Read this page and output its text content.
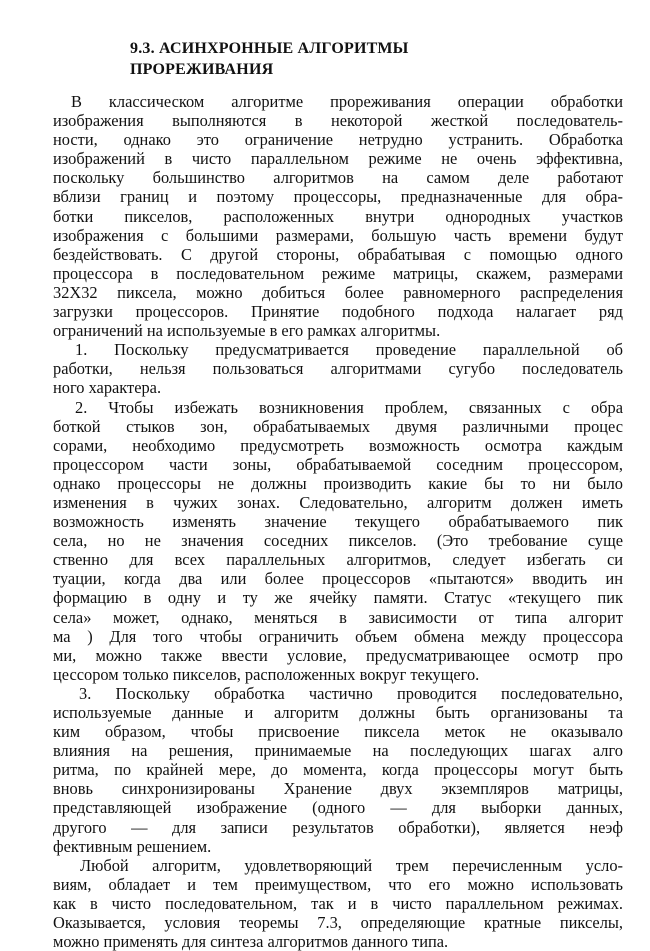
9.3. АСИНХРОННЫЕ АЛГОРИТМЫ
ПРОРЕЖИВАНИЯ
В классическом алгоритме прореживания операции обработки
изображения выполняются в некоторой жесткой последователь-
ности, однако это ограничение нетрудно устранить. Обработка
изображений в чисто параллельном режиме не очень эффективна,
поскольку большинство алгоритмов на самом деле работают
вблизи границ и поэтому процессоры, предназначенные для обра-
ботки пикселов, расположенных внутри однородных участков
изображения с большими размерами, большую часть времени будут
бездействовать. С другой стороны, обрабатывая с помощью одного
процессора в последовательном режиме матрицы, скажем, размерами
32X32 пиксела, можно добиться более равномерного распределения
загрузки процессоров. Принятие подобного подхода налагает ряд
ограничений на используемые в его рамках алгоритмы.
1. Поскольку предусматривается проведение параллельной об
работки, нельзя пользоваться алгоритмами сугубо последователь
ного характера.
2. Чтобы избежать возникновения проблем, связанных с обра
боткой стыков зон, обрабатываемых двумя различными процес
сорами, необходимо предусмотреть возможность осмотра каждым
процессором части зоны, обрабатываемой соседним процессором,
однако процессоры не должны производить какие бы то ни было
изменения в чужих зонах. Следовательно, алгоритм должен иметь
возможность изменять значение текущего обрабатываемого пик
села, но не значения соседних пикселов. (Это требование суще
ственно для всех параллельных алгоритмов, следует избегать си
туации, когда два или более процессоров «пытаются» вводить ин
формацию в одну и ту же ячейку памяти. Статус «текущего пик
села» может, однако, меняться в зависимости от типа алгорит
ма ) Для того чтобы ограничить объем обмена между процессора
ми, можно также ввести условие, предусматривающее осмотр про
цессором только пикселов, расположенных вокруг текущего.
3. Поскольку обработка частично проводится последовательно,
используемые данные и алгоритм должны быть организованы та
ким образом, чтобы присвоение пиксела меток не оказывало
влияния на решения, принимаемые на последующих шагах алго
ритма, по крайней мере, до момента, когда процессоры могут быть
вновь синхронизированы Хранение двух экземпляров матрицы,
представляющей изображение (одного — для выборки данных,
другого — для записи результатов обработки), является неэф
фективным решением.
Любой алгоритм, удовлетворяющий трем перечисленным усло-
виям, обладает и тем преимуществом, что его можно использовать
как в чисто последовательном, так и в чисто параллельном режимах.
Оказывается, условия теоремы 7.3, определяющие кратные пикселы,
можно применять для синтеза алгоритмов данного типа.
